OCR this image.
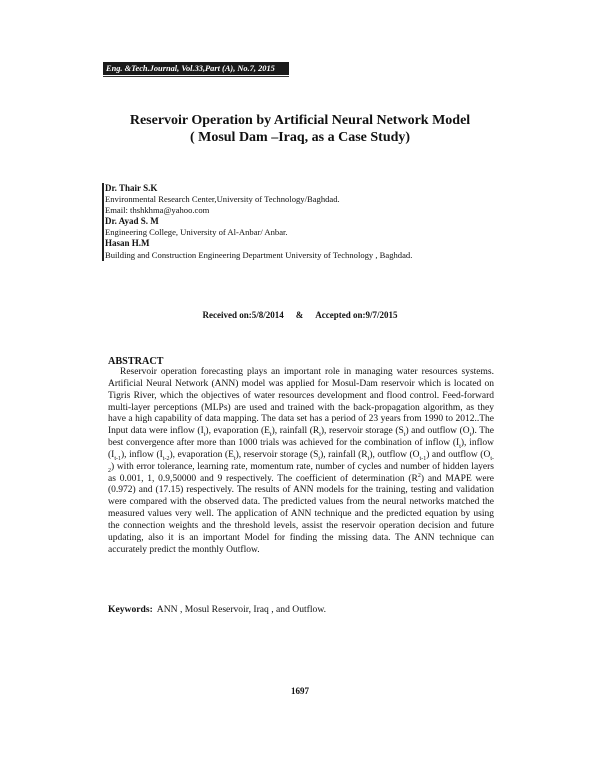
Eng. &Tech.Journal, Vol.33,Part (A), No.7, 2015
Reservoir Operation by Artificial Neural Network Model
( Mosul Dam –Iraq, as a Case Study)
Dr. Thair S.K
Environmental Research Center,University of Technology/Baghdad.
Email: thshkhma@yahoo.com
Dr. Ayad S. M
Engineering College, University of Al-Anbar/ Anbar.
Hasan H.M
Building and Construction Engineering Department University of Technology , Baghdad.
Received on:5/8/2014 & Accepted on:9/7/2015
ABSTRACT

Reservoir operation forecasting plays an important role in managing water resources systems. Artificial Neural Network (ANN) model was applied for Mosul-Dam reservoir which is located on Tigris River, which the objectives of water resources development and flood control. Feed-forward multi-layer perceptions (MLPs) are used and trained with the back-propagation algorithm, as they have a high capability of data mapping. The data set has a period of 23 years from 1990 to 2012..The Input data were inflow $(I_t)$, evaporation $(E_t)$, rainfall $(R_t)$, reservoir storage $(S_t)$ and outflow $(O_t)$. The best convergence after more than 1000 trials was achieved for the combination of inflow $(I_t)$, inflow $(I_{t-1})$, inflow $(I_{t-2})$, evaporation $(E_t)$, reservoir storage $(S_t)$, rainfall $(R_t)$, outflow $(O_{t-1})$ and outflow $(O_{t-2})$ with error tolerance, learning rate, momentum rate, number of cycles and number of hidden layers as 0.001, 1, 0.9,50000 and 9 respectively. The coefficient of determination $(R^2)$ and MAPE were (0.972) and (17.15) respectively. The results of ANN models for the training, testing and validation were compared with the observed data. The predicted values from the neural networks matched the measured values very well. The application of ANN technique and the predicted equation by using the connection weights and the threshold levels, assist the reservoir operation decision and future updating, also it is an important Model for finding the missing data. The ANN technique can accurately predict the monthly Outflow.

Keywords: ANN , Mosul Reservoir, Iraq , and Outflow.
1697
